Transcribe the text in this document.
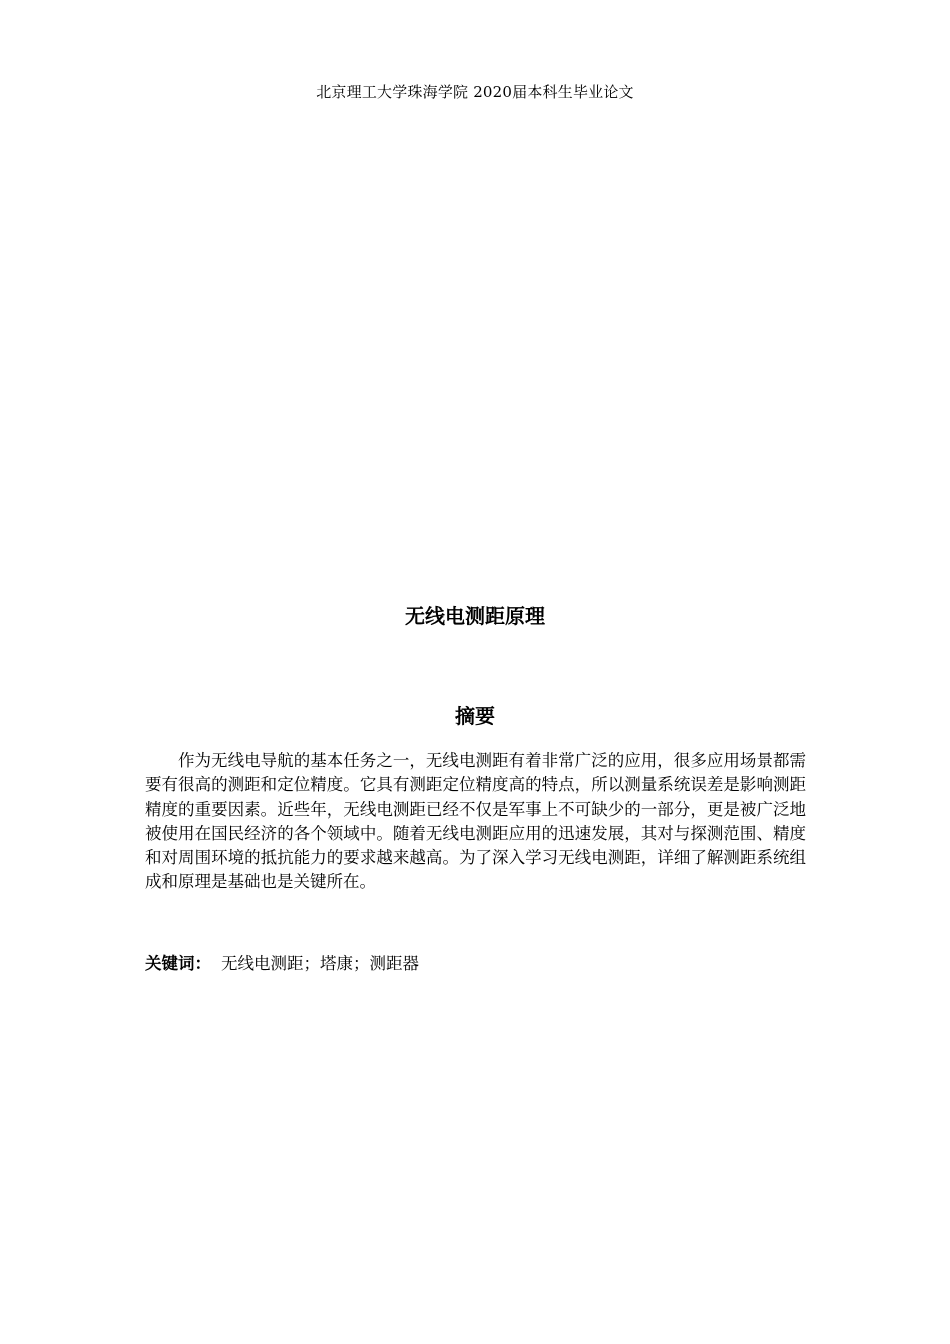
北京理工大学珠海学院 2020届本科生毕业论文
无线电测距原理
摘要

作为无线电导航的基本任务之一，无线电测距有着非常广泛的应用，很多应用场景都需要有很高的测距和定位精度。它具有测距定位精度高的特点，所以测量系统误差是影响测距精度的重要因素。近些年，无线电测距已经不仅是军事上不可缺少的一部分，更是被广泛地被使用在国民经济的各个领域中。随着无线电测距应用的迅速发展，其对与探测范围、精度和对周围环境的抵抗能力的要求越来越高。为了深入学习无线电测距，详细了解测距系统组成和原理是基础也是关键所在。

关键词： 无线电测距；塔康；测距器
